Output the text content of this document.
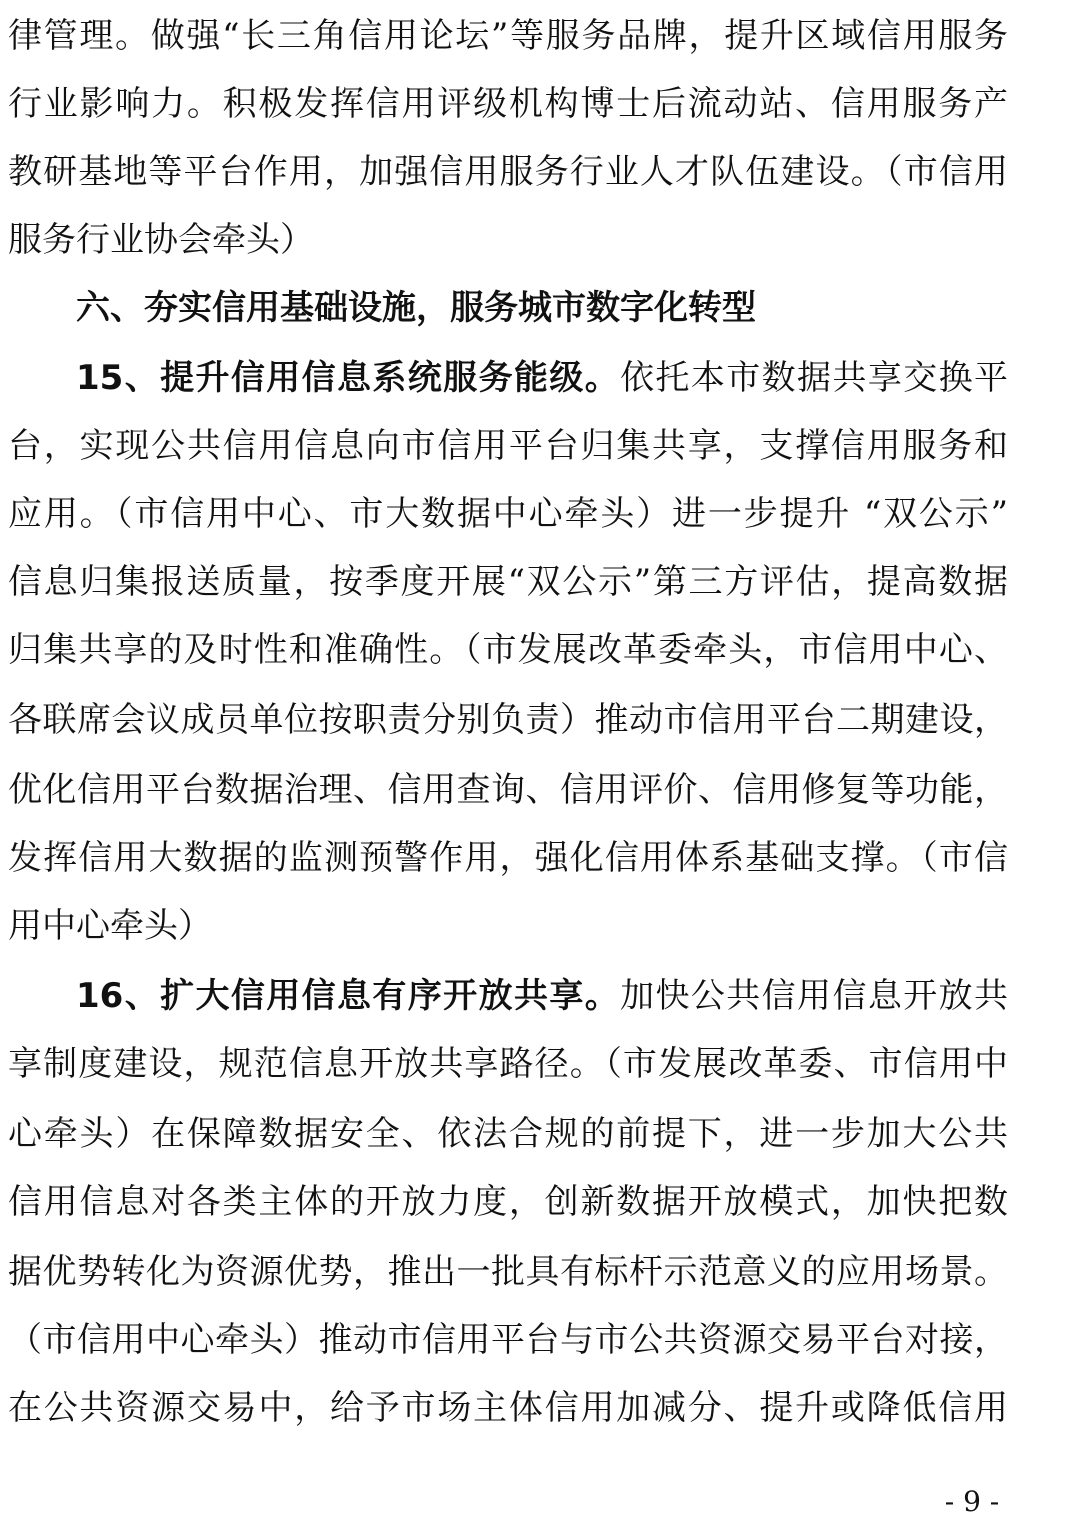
律管理。做强“长三角信用论坛”等服务品牌，提升区域信用服务
行业影响力。积极发挥信用评级机构博士后流动站、信用服务产
教研基地等平台作用，加强信用服务行业人才队伍建设。（市信用
服务行业协会牵头）
六、夯实信用基础设施，服务城市数字化转型
15、提升信用信息系统服务能级。依托本市数据共享交换平
台，实现公共信用信息向市信用平台归集共享，支撑信用服务和
应用。（市信用中心、市大数据中心牵头）进一步提升 “双公示”
信息归集报送质量，按季度开展“双公示”第三方评估，提高数据
归集共享的及时性和准确性。（市发展改革委牵头，市信用中心、
各联席会议成员单位按职责分别负责）推动市信用平台二期建设，
优化信用平台数据治理、信用查询、信用评价、信用修复等功能，
发挥信用大数据的监测预警作用，强化信用体系基础支撑。（市信
用中心牵头）
16、扩大信用信息有序开放共享。加快公共信用信息开放共
享制度建设，规范信息开放共享路径。（市发展改革委、市信用中
心牵头）在保障数据安全、依法合规的前提下，进一步加大公共
信用信息对各类主体的开放力度，创新数据开放模式，加快把数
据优势转化为资源优势，推出一批具有标杆示范意义的应用场景。
（市信用中心牵头）推动市信用平台与市公共资源交易平台对接，
在公共资源交易中，给予市场主体信用加减分、提升或降低信用
- 9 -
